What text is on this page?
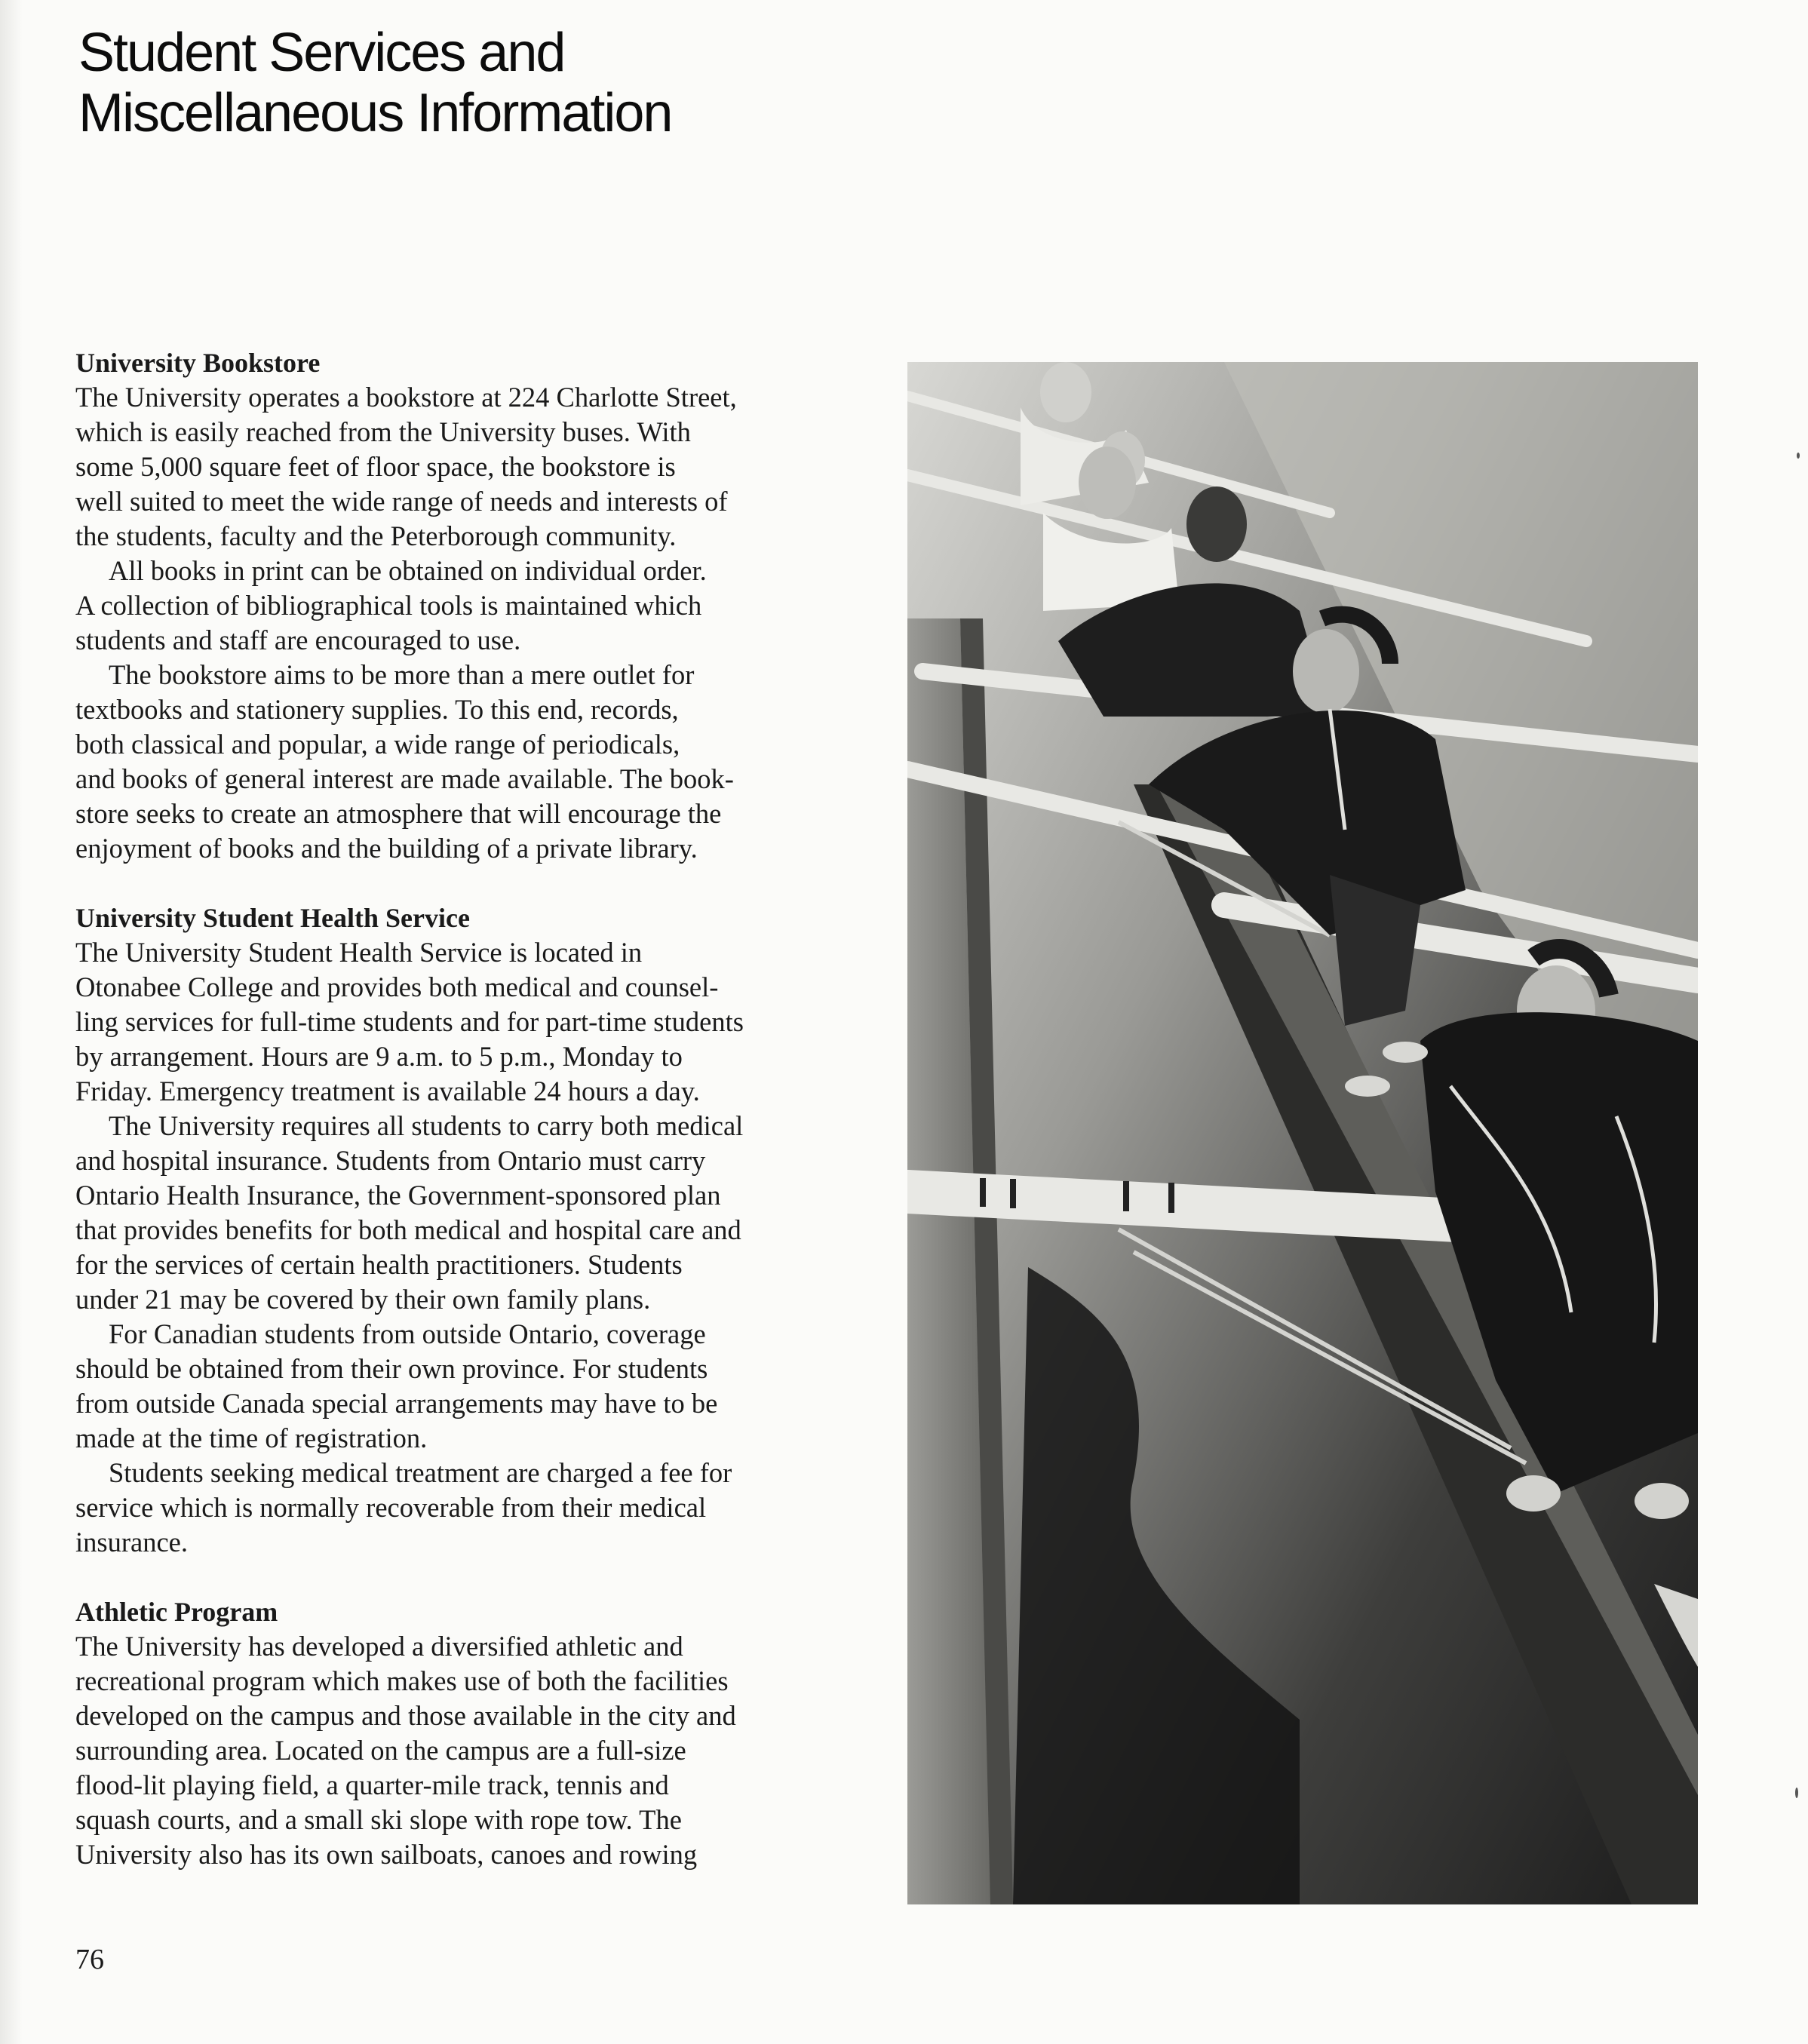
Student Services and
Miscellaneous Information
University Bookstore
The University operates a bookstore at 224 Charlotte Street,
which is easily reached from the University buses. With
some 5,000 square feet of floor space, the bookstore is
well suited to meet the wide range of needs and interests of
the students, faculty and the Peterborough community.
All books in print can be obtained on individual order.
A collection of bibliographical tools is maintained which
students and staff are encouraged to use.
The bookstore aims to be more than a mere outlet for
textbooks and stationery supplies. To this end, records,
both classical and popular, a wide range of periodicals,
and books of general interest are made available. The book-
store seeks to create an atmosphere that will encourage the
enjoyment of books and the building of a private library.
University Student Health Service
The University Student Health Service is located in
Otonabee College and provides both medical and counsel-
ling services for full-time students and for part-time students
by arrangement. Hours are 9 a.m. to 5 p.m., Monday to
Friday. Emergency treatment is available 24 hours a day.
The University requires all students to carry both medical
and hospital insurance. Students from Ontario must carry
Ontario Health Insurance, the Government-sponsored plan
that provides benefits for both medical and hospital care and
for the services of certain health practitioners. Students
under 21 may be covered by their own family plans.
For Canadian students from outside Ontario, coverage
should be obtained from their own province. For students
from outside Canada special arrangements may have to be
made at the time of registration.
Students seeking medical treatment are charged a fee for
service which is normally recoverable from their medical
insurance.
Athletic Program
The University has developed a diversified athletic and
recreational program which makes use of both the facilities
developed on the campus and those available in the city and
surrounding area. Located on the campus are a full-size
flood-lit playing field, a quarter-mile track, tennis and
squash courts, and a small ski slope with rope tow. The
University also has its own sailboats, canoes and rowing
76
